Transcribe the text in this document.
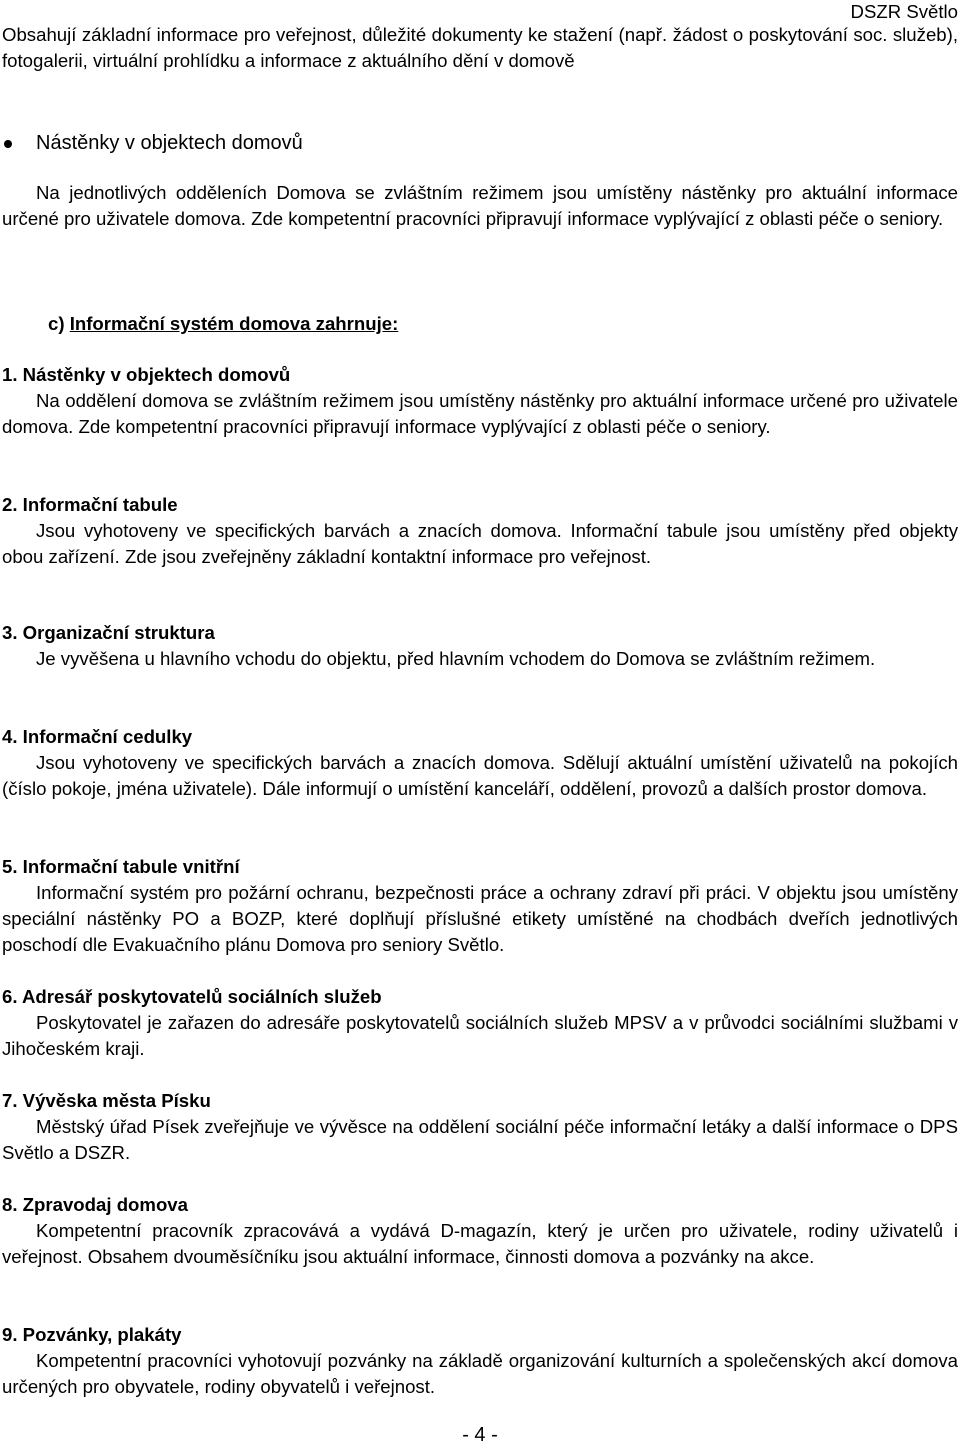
DSZR Světlo
Obsahují základní informace pro veřejnost, důležité dokumenty ke stažení (např. žádost o poskytování soc. služeb), fotogalerii, virtuální prohlídku a informace z aktuálního dění v domově
Nástěnky v objektech domovů
Na jednotlivých odděleních Domova se zvláštním režimem jsou umístěny nástěnky pro aktuální informace určené pro uživatele domova. Zde kompetentní pracovníci připravují informace vyplývající z oblasti péče o seniory.
c) Informační systém domova zahrnuje:
1. Nástěnky v objektech domovů
Na oddělení domova se zvláštním režimem jsou umístěny nástěnky pro aktuální informace určené pro uživatele domova. Zde kompetentní pracovníci připravují informace vyplývající z oblasti péče o seniory.
2. Informační tabule
Jsou vyhotoveny ve specifických barvách a znacích domova. Informační tabule jsou umístěny před objekty obou zařízení. Zde jsou zveřejněny základní kontaktní informace pro veřejnost.
3. Organizační struktura
Je vyvěšena u hlavního vchodu do objektu, před hlavním vchodem do Domova se zvláštním režimem.
4. Informační cedulky
Jsou vyhotoveny ve specifických barvách a znacích domova. Sdělují aktuální umístění uživatelů na pokojích (číslo pokoje, jména uživatele). Dále informují o umístění kanceláří, oddělení, provozů a dalších prostor domova.
5. Informační tabule vnitřní
Informační systém pro požární ochranu, bezpečnosti práce a ochrany zdraví při práci. V objektu jsou umístěny speciální nástěnky PO a BOZP, které doplňují příslušné etikety umístěné na chodbách dveřích jednotlivých poschodí dle Evakuačního plánu Domova pro seniory Světlo.
6. Adresář poskytovatelů sociálních služeb
Poskytovatel je zařazen do adresáře poskytovatelů sociálních služeb MPSV a v průvodci sociálními službami v Jihočeském kraji.
7. Vývěska města Písku
Městský úřad Písek zveřejňuje ve vývěsce na oddělení sociální péče informační letáky a další informace o DPS Světlo a DSZR.
8. Zpravodaj domova
Kompetentní pracovník zpracovává a vydává D-magazín, který je určen pro uživatele, rodiny uživatelů i veřejnost. Obsahem dvouměsíčníku jsou aktuální informace, činnosti domova a pozvánky na akce.
9. Pozvánky, plakáty
Kompetentní pracovníci vyhotovují pozvánky na základě organizování kulturních a společenských akcí domova určených pro obyvatele, rodiny obyvatelů i veřejnost.
- 4 -
